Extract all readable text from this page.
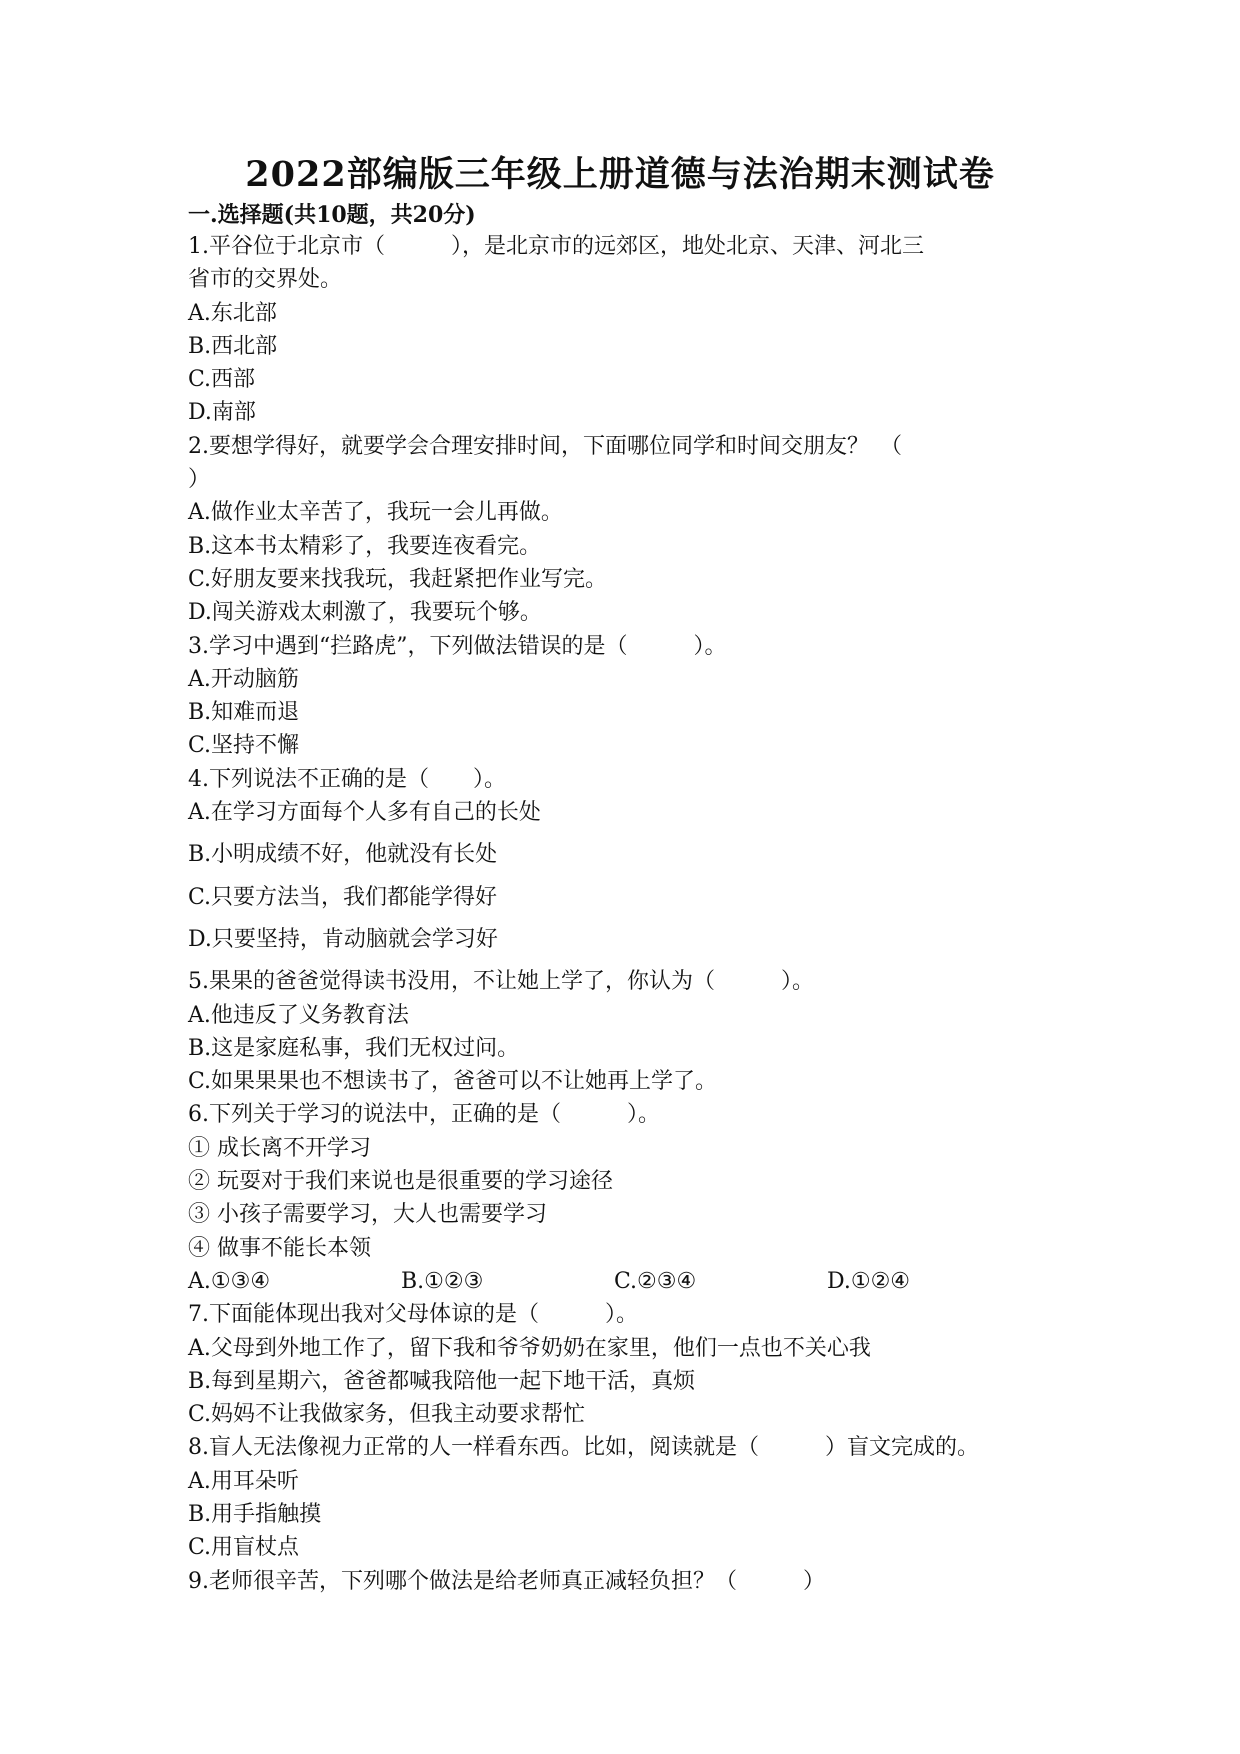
2022部编版三年级上册道德与法治期末测试卷

一.选择题(共10题，共20分)

1.平谷位于北京市（　　　），是北京市的远郊区，地处北京、天津、河北三

省市的交界处。

A.东北部

B.西北部

C.西部

D.南部

2.要想学得好，就要学会合理安排时间，下面哪位同学和时间交朋友？　（

）

A.做作业太辛苦了，我玩一会儿再做。

B.这本书太精彩了，我要连夜看完。

C.好朋友要来找我玩，我赶紧把作业写完。

D.闯关游戏太刺激了，我要玩个够。

3.学习中遇到“拦路虎”，下列做法错误的是（　　　）。

A.开动脑筋

B.知难而退

C.坚持不懈

4.下列说法不正确的是（　　）。

A.在学习方面每个人多有自己的长处

B.小明成绩不好，他就没有长处

C.只要方法当，我们都能学得好

D.只要坚持，肯动脑就会学习好

5.果果的爸爸觉得读书没用，不让她上学了，你认为（　　　）。

A.他违反了义务教育法

B.这是家庭私事，我们无权过问。

C.如果果果也不想读书了，爸爸可以不让她再上学了。

6.下列关于学习的说法中，正确的是（　　　）。

① 成长离不开学习

② 玩耍对于我们来说也是很重要的学习途径

③ 小孩子需要学习，大人也需要学习

④ 做事不能长本领

A.①③④	B.①②③	C.②③④	D.①②④

7.下面能体现出我对父母体谅的是（　　　）。

A.父母到外地工作了，留下我和爷爷奶奶在家里，他们一点也不关心我

B.每到星期六，爸爸都喊我陪他一起下地干活，真烦

C.妈妈不让我做家务，但我主动要求帮忙

8.盲人无法像视力正常的人一样看东西。比如，阅读就是（　　　）盲文完成的。

A.用耳朵听

B.用手指触摸

C.用盲杖点

9.老师很辛苦，下列哪个做法是给老师真正减轻负担？（　　　）
